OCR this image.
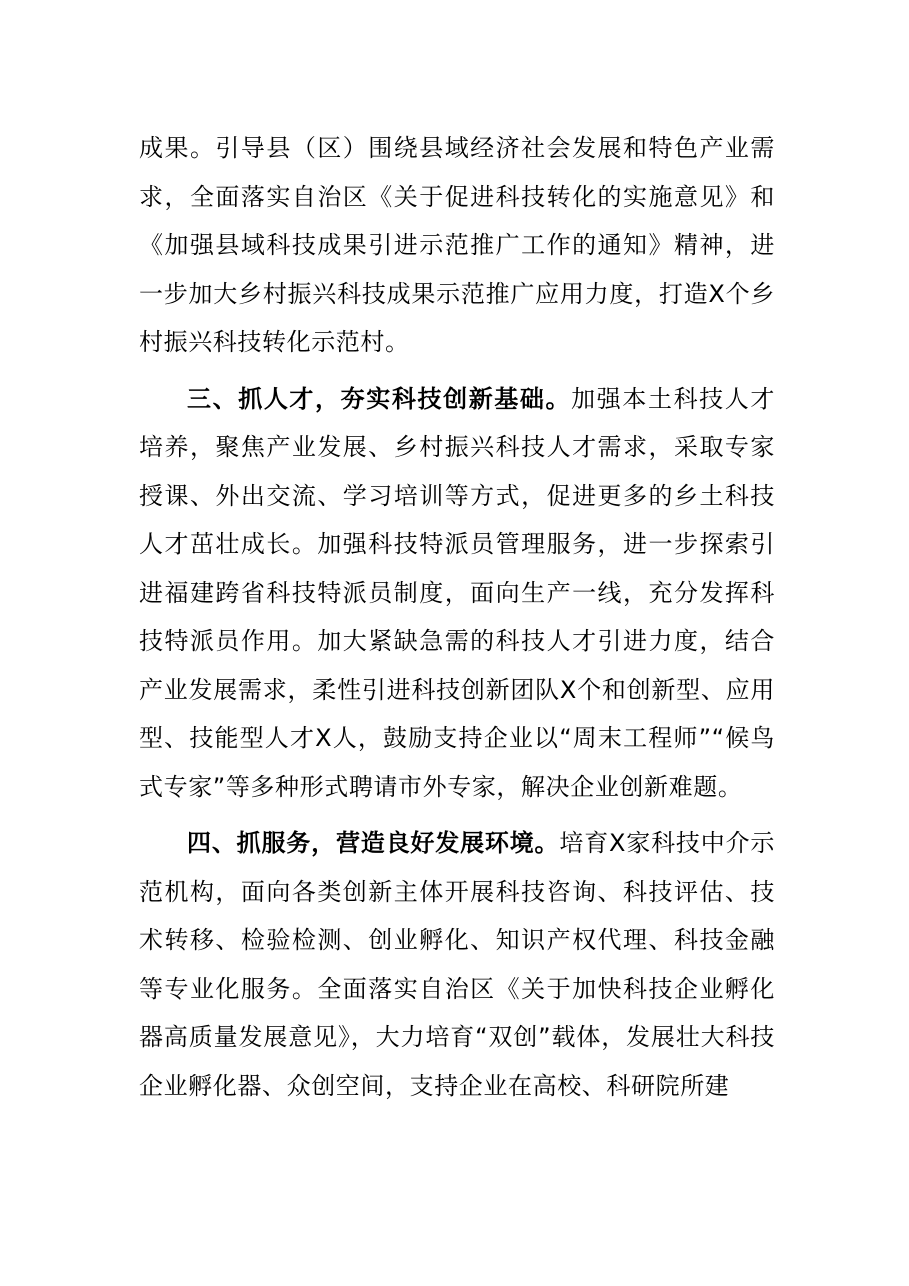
成果。引导县（区）围绕县域经济社会发展和特色产业需求，全面落实自治区《关于促进科技转化的实施意见》和《加强县域科技成果引进示范推广工作的通知》精神，进一步加大乡村振兴科技成果示范推广应用力度，打造X个乡村振兴科技转化示范村。

三、抓人才，夯实科技创新基础。加强本土科技人才培养，聚焦产业发展、乡村振兴科技人才需求，采取专家授课、外出交流、学习培训等方式，促进更多的乡土科技人才茁壮成长。加强科技特派员管理服务，进一步探索引进福建跨省科技特派员制度，面向生产一线，充分发挥科技特派员作用。加大紧缺急需的科技人才引进力度，结合产业发展需求，柔性引进科技创新团队X个和创新型、应用型、技能型人才X人，鼓励支持企业以“周末工程师”“候鸟式专家”等多种形式聘请市外专家，解决企业创新难题。

四、抓服务，营造良好发展环境。培育X家科技中介示范机构，面向各类创新主体开展科技咨询、科技评估、技术转移、检验检测、创业孵化、知识产权代理、科技金融等专业化服务。全面落实自治区《关于加快科技企业孵化器高质量发展意见》，大力培育“双创”载体，发展壮大科技企业孵化器、众创空间，支持企业在高校、科研院所建
